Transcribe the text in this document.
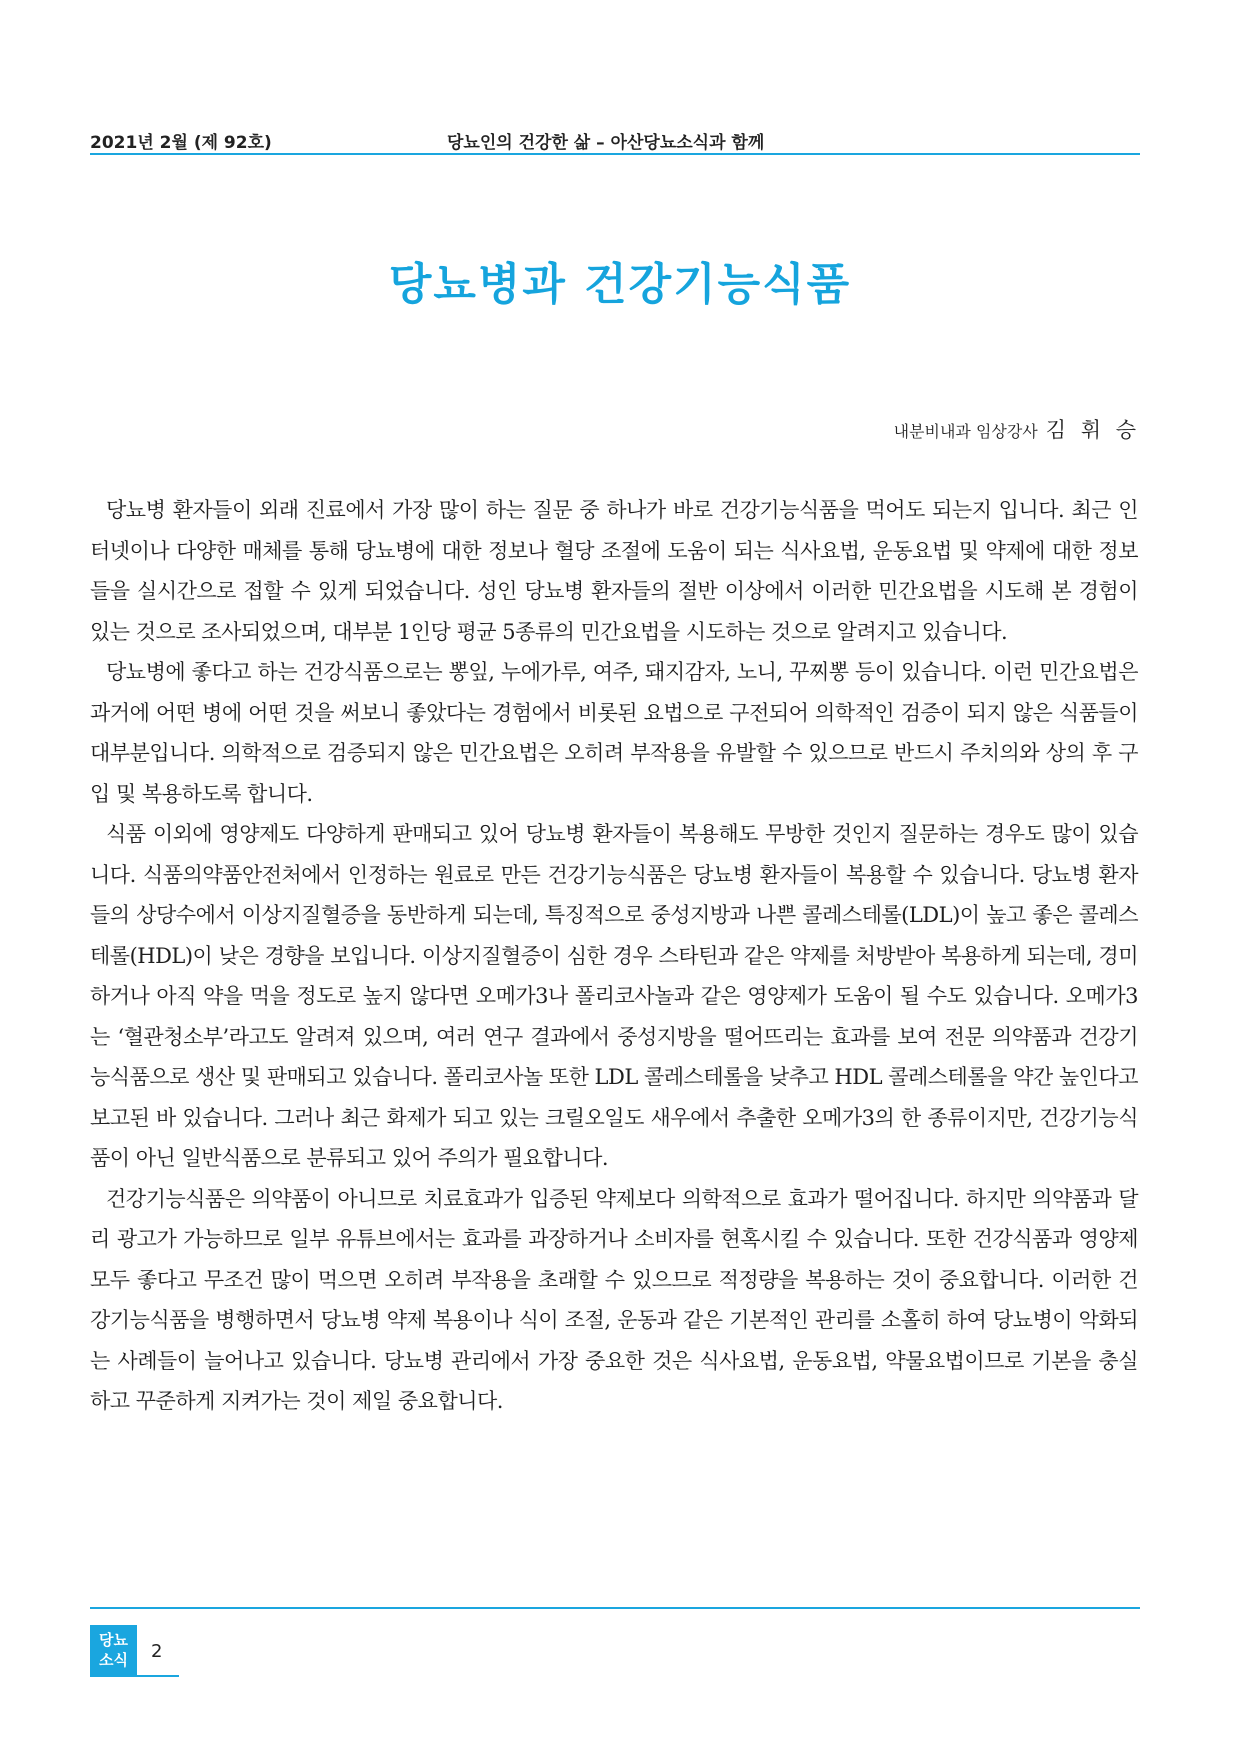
2021년 2월 (제 92호)	당뇨인의 건강한 삶 – 아산당뇨소식과 함께
당뇨병과 건강기능식품
내분비내과 임상강사 김 휘 승

당뇨병 환자들이 외래 진료에서 가장 많이 하는 질문 중 하나가 바로 건강기능식품을 먹어도 되는지 입니다. 최근 인터넷이나 다양한 매체를 통해 당뇨병에 대한 정보나 혈당 조절에 도움이 되는 식사요법, 운동요법 및 약제에 대한 정보들을 실시간으로 접할 수 있게 되었습니다. 성인 당뇨병 환자들의 절반 이상에서 이러한 민간요법을 시도해 본 경험이 있는 것으로 조사되었으며, 대부분 1인당 평균 5종류의 민간요법을 시도하는 것으로 알려지고 있습니다.

당뇨병에 좋다고 하는 건강식품으로는 뽕잎, 누에가루, 여주, 돼지감자, 노니, 꾸찌뽕 등이 있습니다. 이런 민간요법은 과거에 어떤 병에 어떤 것을 써보니 좋았다는 경험에서 비롯된 요법으로 구전되어 의학적인 검증이 되지 않은 식품들이 대부분입니다. 의학적으로 검증되지 않은 민간요법은 오히려 부작용을 유발할 수 있으므로 반드시 주치의와 상의 후 구입 및 복용하도록 합니다.

식품 이외에 영양제도 다양하게 판매되고 있어 당뇨병 환자들이 복용해도 무방한 것인지 질문하는 경우도 많이 있습니다. 식품의약품안전처에서 인정하는 원료로 만든 건강기능식품은 당뇨병 환자들이 복용할 수 있습니다. 당뇨병 환자들의 상당수에서 이상지질혈증을 동반하게 되는데, 특징적으로 중성지방과 나쁜 콜레스테롤(LDL)이 높고 좋은 콜레스테롤(HDL)이 낮은 경향을 보입니다. 이상지질혈증이 심한 경우 스타틴과 같은 약제를 처방받아 복용하게 되는데, 경미하거나 아직 약을 먹을 정도로 높지 않다면 오메가3나 폴리코사놀과 같은 영양제가 도움이 될 수도 있습니다. 오메가3는 ‘혈관청소부’라고도 알려져 있으며, 여러 연구 결과에서 중성지방을 떨어뜨리는 효과를 보여 전문 의약품과 건강기능식품으로 생산 및 판매되고 있습니다. 폴리코사놀 또한 LDL 콜레스테롤을 낮추고 HDL 콜레스테롤을 약간 높인다고 보고된 바 있습니다. 그러나 최근 화제가 되고 있는 크릴오일도 새우에서 추출한 오메가3의 한 종류이지만, 건강기능식품이 아닌 일반식품으로 분류되고 있어 주의가 필요합니다.

건강기능식품은 의약품이 아니므로 치료효과가 입증된 약제보다 의학적으로 효과가 떨어집니다. 하지만 의약품과 달리 광고가 가능하므로 일부 유튜브에서는 효과를 과장하거나 소비자를 현혹시킬 수 있습니다. 또한 건강식품과 영양제 모두 좋다고 무조건 많이 먹으면 오히려 부작용을 초래할 수 있으므로 적정량을 복용하는 것이 중요합니다. 이러한 건강기능식품을 병행하면서 당뇨병 약제 복용이나 식이 조절, 운동과 같은 기본적인 관리를 소홀히 하여 당뇨병이 악화되는 사례들이 늘어나고 있습니다. 당뇨병 관리에서 가장 중요한 것은 식사요법, 운동요법, 약물요법이므로 기본을 충실하고 꾸준하게 지켜가는 것이 제일 중요합니다.

당뇨
소식	2
